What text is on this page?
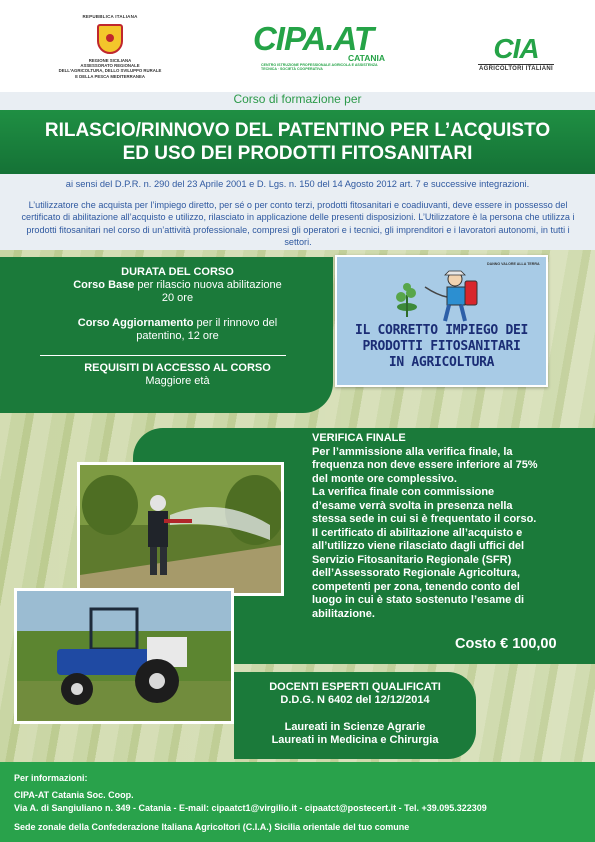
REPUBBLICA ITALIANA
REGIONE SICILIANA
ASSESSORATO REGIONALE
DELL'AGRICOLTURA, DELLO SVILUPPO RURALE
E DELLA PESCA MEDITERRANEA
CIPA.AT
CATANIA
CENTRO ISTRUZIONE PROFESSIONALE AGRICOLA E ASSISTENZA TECNICA · SOCIETÀ COOPERATIVA
CIA
AGRICOLTORI ITALIANI
Corso di formazione per
RILASCIO/RINNOVO DEL PATENTINO PER L’ACQUISTO
ED USO DEI PRODOTTI FITOSANITARI
ai sensi del D.P.R. n. 290 del 23 Aprile 2001 e D. Lgs. n. 150 del 14 Agosto 2012 art. 7 e successive integrazioni.
L’utilizzatore che acquista per l’impiego diretto, per sé o per conto terzi, prodotti fitosanitari e coadiuvanti, deve essere in possesso del certificato di abilitazione all’acquisto e utilizzo, rilasciato in applicazione delle presenti disposizioni. L’Utilizzatore è la persona che utilizza i prodotti fitosanitari nel corso di un’attività professionale, compresi gli operatori e i tecnici, gli imprenditori e i lavoratori autonomi, in tutti i settori.
DURATA DEL CORSO
Corso Base per rilascio nuova abilitazione
20 ore
Corso Aggiornamento per il rinnovo del
patentino, 12 ore
REQUISITI DI ACCESSO AL CORSO
Maggiore età
DANNO VALORE ALLA TERRA
IL CORRETTO IMPIEGO DEI
PRODOTTI FITOSANITARI
IN AGRICOLTURA
VERIFICA FINALE
Per l’ammissione alla verifica finale, la
frequenza non deve essere inferiore al 75%
del monte ore complessivo.
La verifica finale con commissione
d’esame verrà svolta in presenza nella
stessa sede in cui si è frequentato il corso.
Il certificato di abilitazione all’acquisto e
all’utilizzo viene rilasciato dagli uffici del
Servizio Fitosanitario Regionale (SFR)
dell’Assessorato Regionale Agricoltura,
competenti per zona, tenendo conto del
luogo in cui è stato sostenuto l’esame di
abilitazione.
Costo € 100,00
DOCENTI ESPERTI QUALIFICATI
D.D.G. N 6402 del 12/12/2014
Laureati in Scienze Agrarie
Laureati in Medicina e Chirurgia
Per informazioni:
CIPA-AT Catania Soc. Coop.
Via A. di Sangiuliano n. 349 - Catania - E-mail: cipaatct1@virgilio.it - cipaatct@postecert.it - Tel. +39.095.322309
Sede zonale della Confederazione Italiana Agricoltori (C.I.A.) Sicilia orientale del tuo comune
